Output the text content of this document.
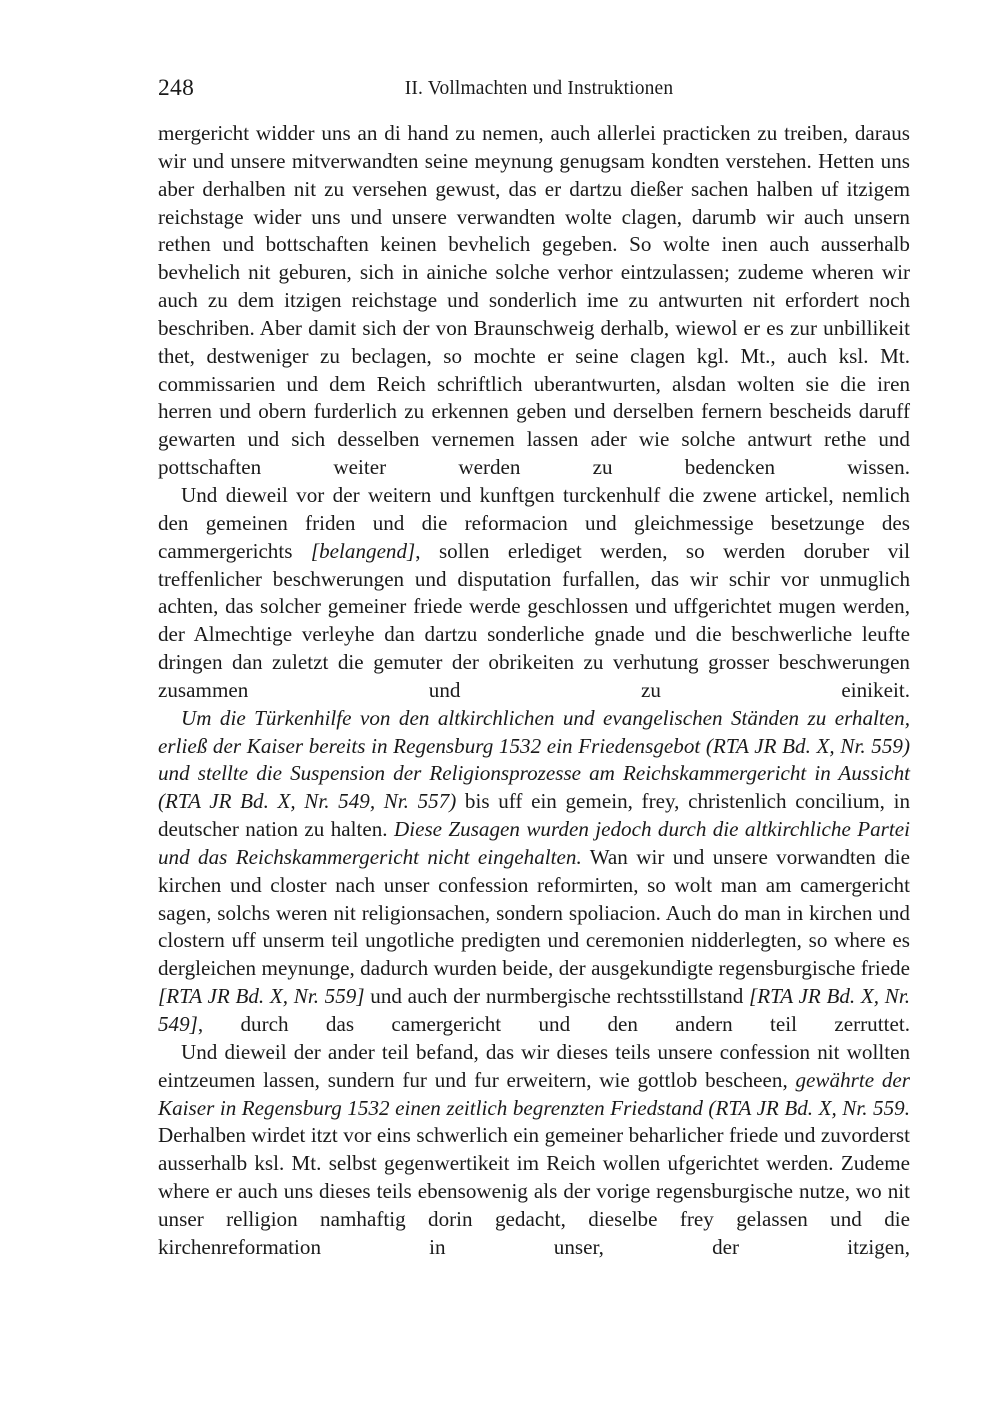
248	II. Vollmachten und Instruktionen

mergericht widder uns an di hand zu nemen, auch allerlei practicken zu treiben, daraus wir und unsere mitverwandten seine meynung genugsam kondten verstehen. Hetten uns aber derhalben nit zu versehen gewust, das er dartzu dießer sachen halben uf itzigem reichstage wider uns und unsere verwandten wolte clagen, darumb wir auch unsern rethen und bottschaften keinen bevhelich gegeben. So wolte inen auch ausserhalb bevhelich nit geburen, sich in ainiche solche verhor eintzulassen; zudeme wheren wir auch zu dem itzigen reichstage und sonderlich ime zu antwurten nit erfordert noch beschriben. Aber damit sich der von Braunschweig derhalb, wiewol er es zur unbillikeit thet, destweniger zu beclagen, so mochte er seine clagen kgl. Mt., auch ksl. Mt. commissarien und dem Reich schriftlich uberantwurten, alsdan wolten sie die iren herren und obern furderlich zu erkennen geben und derselben fernern bescheids daruff gewarten und sich desselben vernemen lassen ader wie solche antwurt rethe und pottschaften weiter werden zu bedencken wissen.

Und dieweil vor der weitern und kunftgen turckenhulf die zwene artickel, nemlich den gemeinen friden und die reformacion und gleichmessige besetzunge des cammergerichts [belangend], sollen erlediget werden, so werden doruber vil treffenlicher beschwerungen und disputation furfallen, das wir schir vor unmuglich achten, das solcher gemeiner friede werde geschlossen und uffgerichtet mugen werden, der Almechtige verleyhe dan dartzu sonderliche gnade und die beschwerliche leufte dringen dan zuletzt die gemuter der obrikeiten zu verhutung grosser beschwerungen zusammen und zu einikeit.

Um die Türkenhilfe von den altkirchlichen und evangelischen Ständen zu erhalten, erließ der Kaiser bereits in Regensburg 1532 ein Friedensgebot (RTA JR Bd. X, Nr. 559) und stellte die Suspension der Religionsprozesse am Reichskammergericht in Aussicht (RTA JR Bd. X, Nr. 549, Nr. 557) bis uff ein gemein, frey, christenlich concilium, in deutscher nation zu halten. Diese Zusagen wurden jedoch durch die altkirchliche Partei und das Reichskammergericht nicht eingehalten. Wan wir und unsere vorwandten die kirchen und closter nach unser confession reformirten, so wolt man am camergericht sagen, solchs weren nit religionsachen, sondern spoliacion. Auch do man in kirchen und clostern uff unserm teil ungotliche predigten und ceremonien nidderlegten, so where es dergleichen meynunge, dadurch wurden beide, der ausgekundigte regensburgische friede [RTA JR Bd. X, Nr. 559] und auch der nurmbergische rechtsstillstand [RTA JR Bd. X, Nr. 549], durch das camergericht und den andern teil zerruttet.

Und dieweil der ander teil befand, das wir dieses teils unsere confession nit wollten eintzeumen lassen, sundern fur und fur erweitern, wie gottlob bescheen, gewährte der Kaiser in Regensburg 1532 einen zeitlich begrenzten Friedstand (RTA JR Bd. X, Nr. 559. Derhalben wirdet itzt vor eins schwerlich ein gemeiner beharlicher friede und zuvorderst ausserhalb ksl. Mt. selbst gegenwertikeit im Reich wollen ufgerichtet werden. Zudeme where er auch uns dieses teils ebensowenig als der vorige regensburgische nutze, wo nit unser relligion namhaftig dorin gedacht, dieselbe frey gelassen und die kirchenreformation in unser, der itzigen,
